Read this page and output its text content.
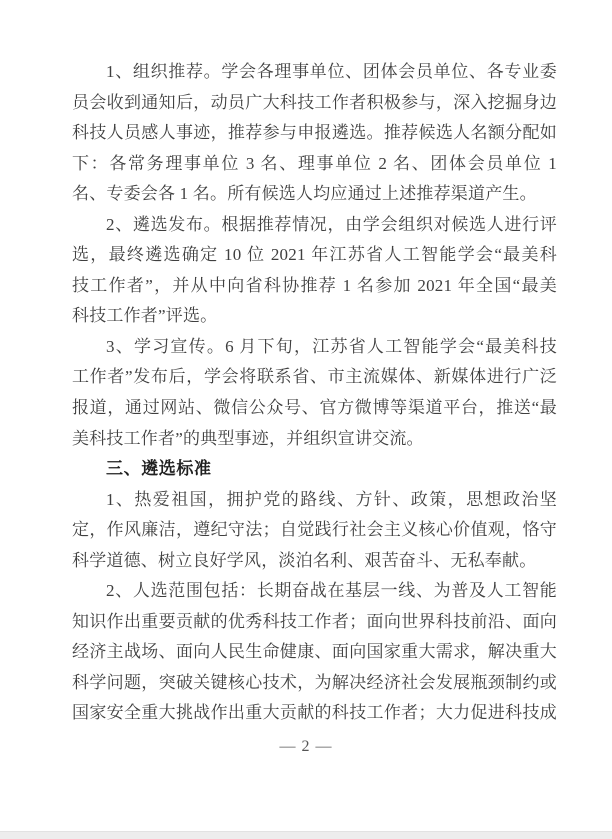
1、组织推荐。学会各理事单位、团体会员单位、各专业委
员会收到通知后，动员广大科技工作者积极参与，深入挖掘身边
科技人员感人事迹，推荐参与申报遴选。推荐候选人名额分配如
下：各常务理事单位 3 名、理事单位 2 名、团体会员单位 1
名、专委会各 1 名。所有候选人均应通过上述推荐渠道产生。
2、遴选发布。根据推荐情况，由学会组织对候选人进行评
选，最终遴选确定 10 位 2021 年江苏省人工智能学会“最美科
技工作者”，并从中向省科协推荐 1 名参加 2021 年全国“最美
科技工作者”评选。
3、学习宣传。6 月下旬，江苏省人工智能学会“最美科技
工作者”发布后，学会将联系省、市主流媒体、新媒体进行广泛
报道，通过网站、微信公众号、官方微博等渠道平台，推送“最
美科技工作者”的典型事迹，并组织宣讲交流。
三、遴选标准
1、热爱祖国，拥护党的路线、方针、政策，思想政治坚
定，作风廉洁，遵纪守法；自觉践行社会主义核心价值观，恪守
科学道德、树立良好学风，淡泊名利、艰苦奋斗、无私奉献。
2、人选范围包括：长期奋战在基层一线、为普及人工智能
知识作出重要贡献的优秀科技工作者；面向世界科技前沿、面向
经济主战场、面向人民生命健康、面向国家重大需求，解决重大
科学问题，突破关键核心技术，为解决经济社会发展瓶颈制约或
国家安全重大挑战作出重大贡献的科技工作者；大力促进科技成
— 2 —
